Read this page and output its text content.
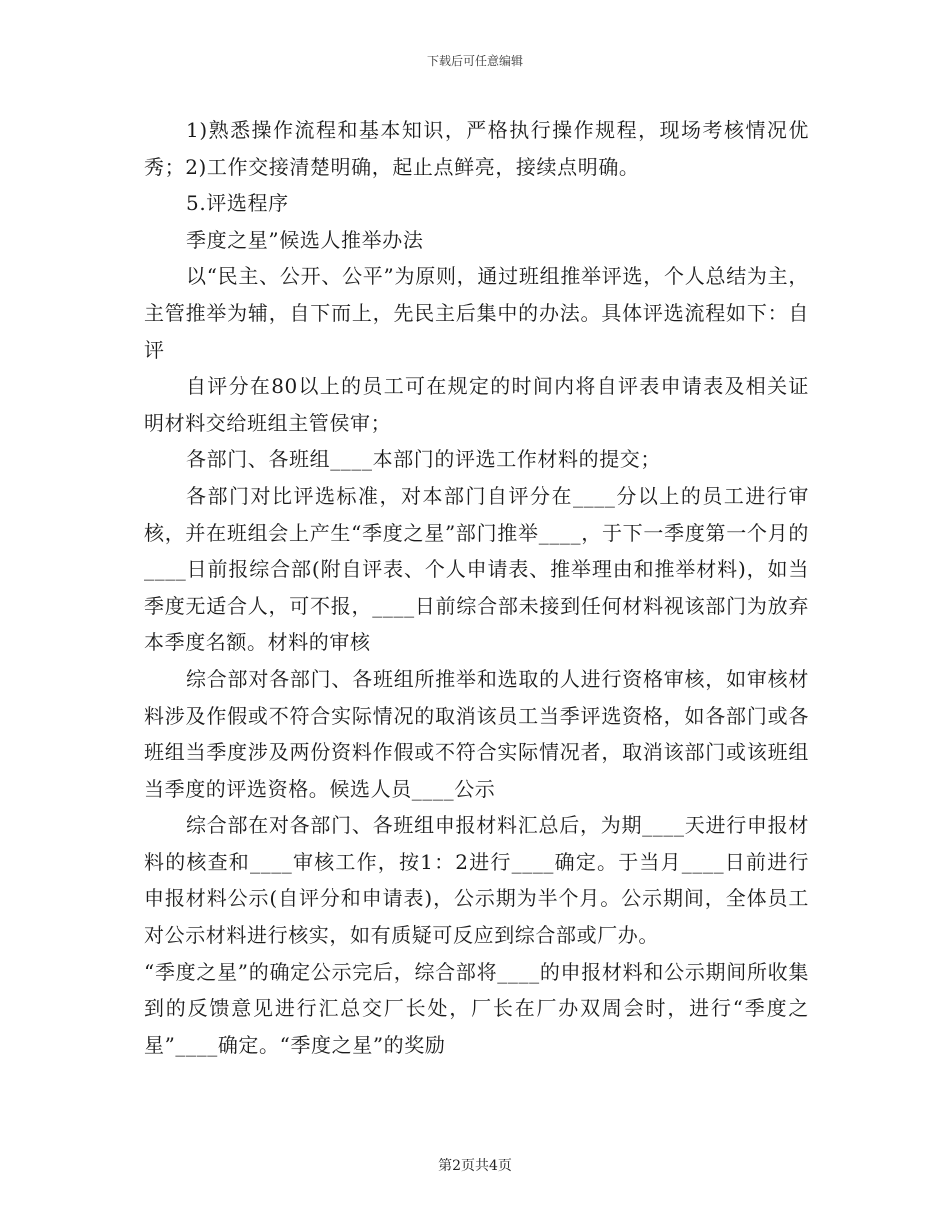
下载后可任意编辑

1)熟悉操作流程和基本知识，严格执行操作规程，现场考核情况优秀；2)工作交接清楚明确，起止点鲜亮，接续点明确。

5.评选程序

季度之星”候选人推举办法

以“民主、公开、公平”为原则，通过班组推举评选，个人总结为主，主管推举为辅，自下而上，先民主后集中的办法。具体评选流程如下：自评

自评分在80以上的员工可在规定的时间内将自评表申请表及相关证明材料交给班组主管侯审；

各部门、各班组____本部门的评选工作材料的提交；

各部门对比评选标准，对本部门自评分在____分以上的员工进行审核，并在班组会上产生“季度之星”部门推举____，于下一季度第一个月的____日前报综合部(附自评表、个人申请表、推举理由和推举材料)，如当季度无适合人，可不报，____日前综合部未接到任何材料视该部门为放弃本季度名额。材料的审核

综合部对各部门、各班组所推举和选取的人进行资格审核，如审核材料涉及作假或不符合实际情况的取消该员工当季评选资格，如各部门或各班组当季度涉及两份资料作假或不符合实际情况者，取消该部门或该班组当季度的评选资格。候选人员____公示

综合部在对各部门、各班组申报材料汇总后，为期____天进行申报材料的核查和____审核工作，按1：2进行____确定。于当月____日前进行申报材料公示(自评分和申请表)，公示期为半个月。公示期间，全体员工对公示材料进行核实，如有质疑可反应到综合部或厂办。

“季度之星”的确定公示完后，综合部将____的申报材料和公示期间所收集到的反馈意见进行汇总交厂长处，厂长在厂办双周会时，进行“季度之星”____确定。“季度之星”的奖励

第2页共4页
